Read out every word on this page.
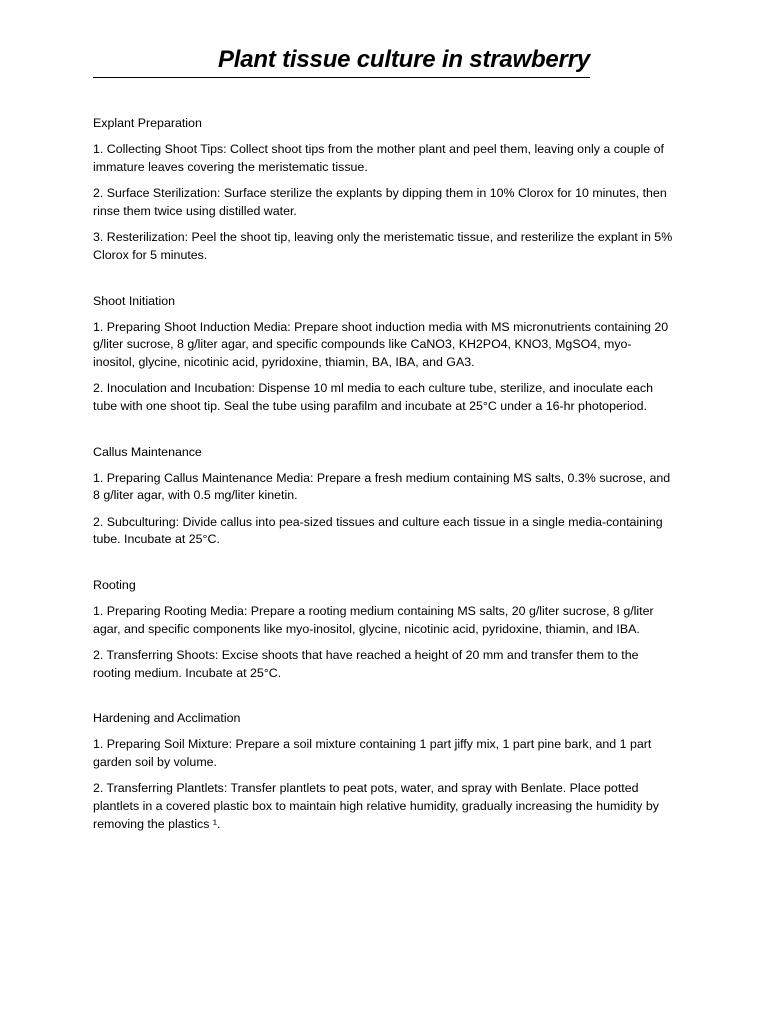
Plant tissue culture in strawberry

Explant Preparation

1. Collecting Shoot Tips: Collect shoot tips from the mother plant and peel them, leaving only a couple of immature leaves covering the meristematic tissue.

2. Surface Sterilization: Surface sterilize the explants by dipping them in 10% Clorox for 10 minutes, then rinse them twice using distilled water.

3. Resterilization: Peel the shoot tip, leaving only the meristematic tissue, and resterilize the explant in 5% Clorox for 5 minutes.

Shoot Initiation

1. Preparing Shoot Induction Media: Prepare shoot induction media with MS micronutrients containing 20 g/liter sucrose, 8 g/liter agar, and specific compounds like CaNO3, KH2PO4, KNO3, MgSO4, myo-inositol, glycine, nicotinic acid, pyridoxine, thiamin, BA, IBA, and GA3.

2. Inoculation and Incubation: Dispense 10 ml media to each culture tube, sterilize, and inoculate each tube with one shoot tip. Seal the tube using parafilm and incubate at 25°C under a 16-hr photoperiod.

Callus Maintenance

1. Preparing Callus Maintenance Media: Prepare a fresh medium containing MS salts, 0.3% sucrose, and 8 g/liter agar, with 0.5 mg/liter kinetin.

2. Subculturing: Divide callus into pea-sized tissues and culture each tissue in a single media-containing tube. Incubate at 25°C.

Rooting

1. Preparing Rooting Media: Prepare a rooting medium containing MS salts, 20 g/liter sucrose, 8 g/liter agar, and specific components like myo-inositol, glycine, nicotinic acid, pyridoxine, thiamin, and IBA.

2. Transferring Shoots: Excise shoots that have reached a height of 20 mm and transfer them to the rooting medium. Incubate at 25°C.

Hardening and Acclimation

1. Preparing Soil Mixture: Prepare a soil mixture containing 1 part jiffy mix, 1 part pine bark, and 1 part garden soil by volume.

2. Transferring Plantlets: Transfer plantlets to peat pots, water, and spray with Benlate. Place potted plantlets in a covered plastic box to maintain high relative humidity, gradually increasing the humidity by removing the plastics ¹.
